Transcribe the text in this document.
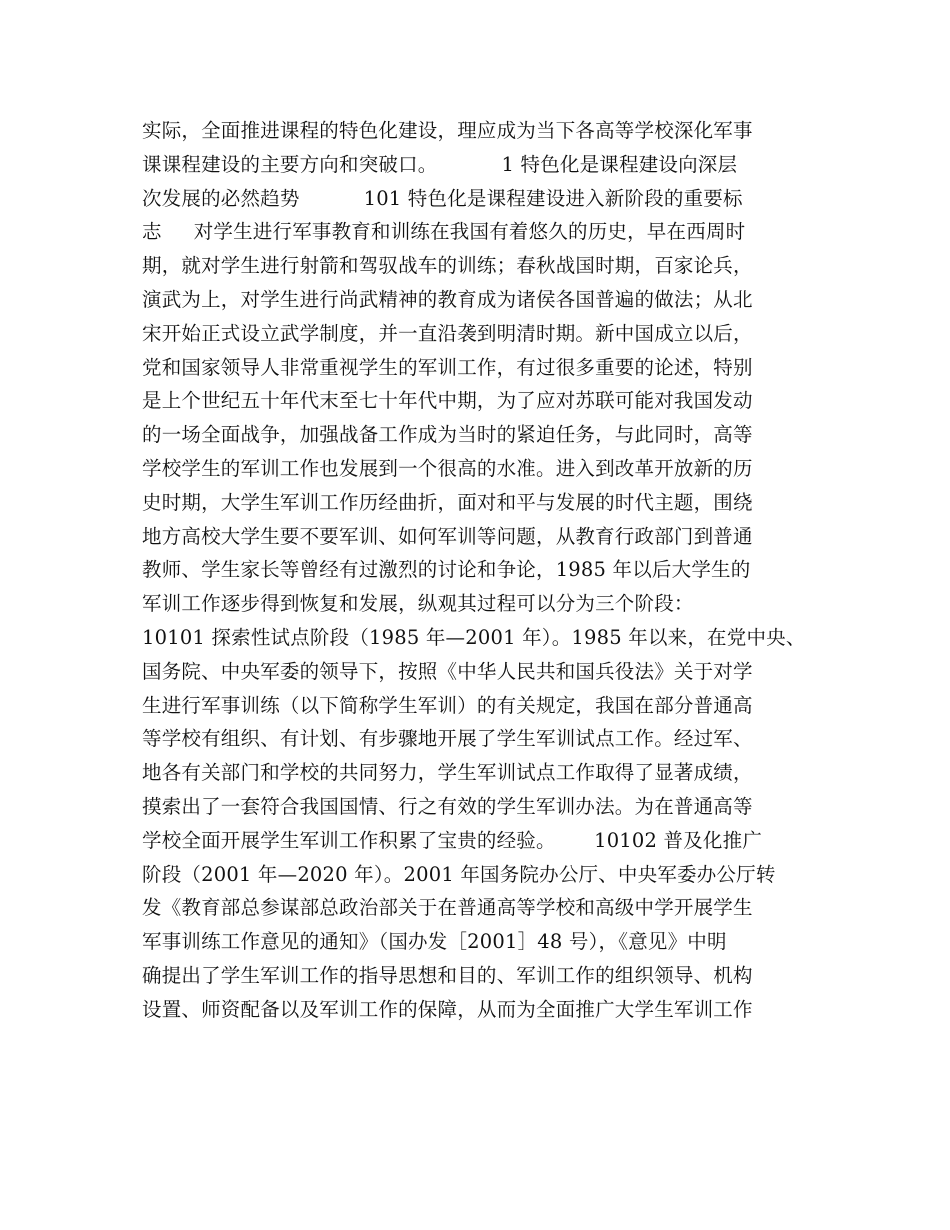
实际，全面推进课程的特色化建设，理应成为当下各高等学校深化军事
课课程建设的主要方向和突破口。          1 特色化是课程建设向深层
次发展的必然趋势          101 特色化是课程建设进入新阶段的重要标
志     对学生进行军事教育和训练在我国有着悠久的历史，早在西周时
期，就对学生进行射箭和驾驭战车的训练；春秋战国时期，百家论兵，
演武为上，对学生进行尚武精神的教育成为诸侯各国普遍的做法；从北
宋开始正式设立武学制度，并一直沿袭到明清时期。新中国成立以后，
党和国家领导人非常重视学生的军训工作，有过很多重要的论述，特别
是上个世纪五十年代末至七十年代中期，为了应对苏联可能对我国发动
的一场全面战争，加强战备工作成为当时的紧迫任务，与此同时，高等
学校学生的军训工作也发展到一个很高的水准。进入到改革开放新的历
史时期，大学生军训工作历经曲折，面对和平与发展的时代主题，围绕
地方高校大学生要不要军训、如何军训等问题，从教育行政部门到普通
教师、学生家长等曾经有过激烈的讨论和争论，1985 年以后大学生的
军训工作逐步得到恢复和发展，纵观其过程可以分为三个阶段：
10101 探索性试点阶段（1985 年—2001 年）。1985 年以来，在党中央、
国务院、中央军委的领导下，按照《中华人民共和国兵役法》关于对学
生进行军事训练（以下简称学生军训）的有关规定，我国在部分普通高
等学校有组织、有计划、有步骤地开展了学生军训试点工作。经过军、
地各有关部门和学校的共同努力，学生军训试点工作取得了显著成绩，
摸索出了一套符合我国国情、行之有效的学生军训办法。为在普通高等
学校全面开展学生军训工作积累了宝贵的经验。      10102 普及化推广
阶段（2001 年—2020 年）。2001 年国务院办公厅、中央军委办公厅转
发《教育部总参谋部总政治部关于在普通高等学校和高级中学开展学生
军事训练工作意见的通知》（国办发［2001］48 号），《意见》中明
确提出了学生军训工作的指导思想和目的、军训工作的组织领导、机构
设置、师资配备以及军训工作的保障，从而为全面推广大学生军训工作
